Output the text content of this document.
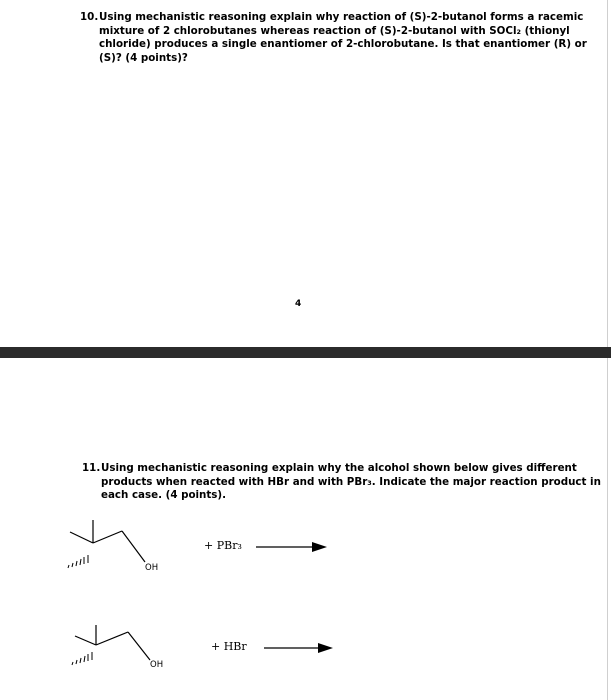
10.Using mechanistic reasoning explain why reaction of (S)-2-butanol forms a racemic
mixture of 2 chlorobutanes whereas reaction of (S)-2-butanol with SOCl₂ (thionyl
chloride) produces a single enantiomer of 2-chlorobutane. Is that enantiomer (R) or
(S)? (4 points)?
4
11.Using mechanistic reasoning explain why the alcohol shown below gives different
products when reacted with HBr and with PBr₃. Indicate the major reaction product in
each case. (4 points).
OH
+ PBr₃
OH
+ HBr
